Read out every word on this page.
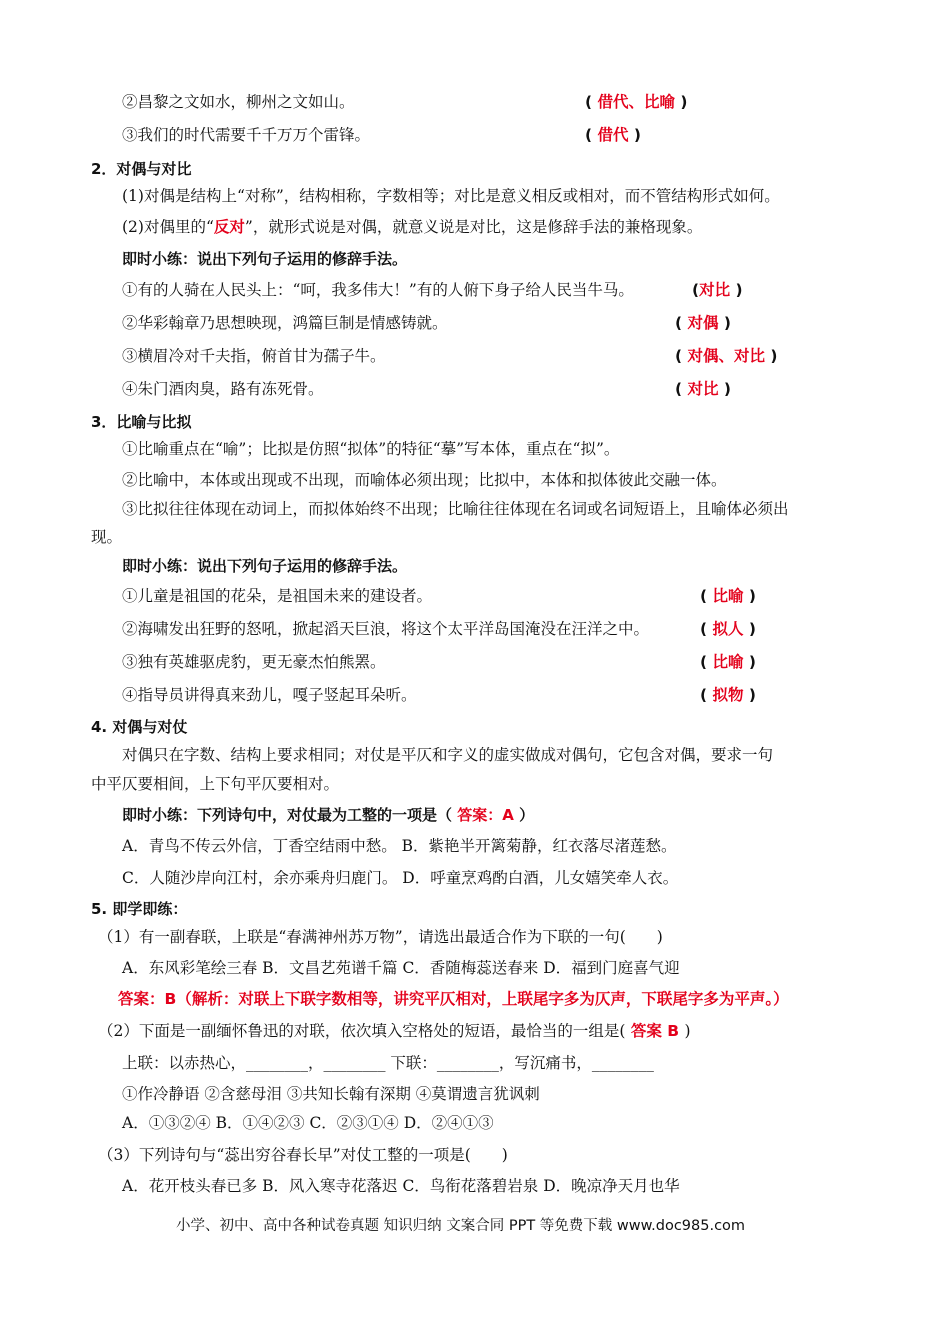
②昌黎之文如水，柳州之文如山。	( 借代、比喻 )
③我们的时代需要千千万万个雷锋。	( 借代 )
2．对偶与对比
(1)对偶是结构上“对称”，结构相称，字数相等；对比是意义相反或相对，而不管结构形式如何。
(2)对偶里的“反对”，就形式说是对偶，就意义说是对比，这是修辞手法的兼格现象。
即时小练：说出下列句子运用的修辞手法。
①有的人骑在人民头上：“呵，我多伟大！”有的人俯下身子给人民当牛马。	(对比 )
②华彩翰章乃思想映现，鸿篇巨制是情感铸就。	( 对偶 )
③横眉冷对千夫指，俯首甘为孺子牛。	( 对偶、对比 )
④朱门酒肉臭，路有冻死骨。	( 对比 )
3．比喻与比拟
①比喻重点在“喻”；比拟是仿照“拟体”的特征“摹”写本体，重点在“拟”。
②比喻中，本体或出现或不出现，而喻体必须出现；比拟中，本体和拟体彼此交融一体。
③比拟往往体现在动词上，而拟体始终不出现；比喻往往体现在名词或名词短语上，且喻体必须出
现。
即时小练：说出下列句子运用的修辞手法。
①儿童是祖国的花朵，是祖国未来的建设者。	( 比喻 )
②海啸发出狂野的怒吼，掀起滔天巨浪，将这个太平洋岛国淹没在汪洋之中。	( 拟人 )
③独有英雄驱虎豹，更无豪杰怕熊罴。	( 比喻 )
④指导员讲得真来劲儿，嘎子竖起耳朵听。	( 拟物 )
4. 对偶与对仗
对偶只在字数、结构上要求相同；对仗是平仄和字义的虚实做成对偶句，它包含对偶，要求一句
中平仄要相间，上下句平仄要相对。
即时小练：下列诗句中，对仗最为工整的一项是（ 答案：A ）
A．青鸟不传云外信，丁香空结雨中愁。 B．紫艳半开篱菊静，红衣落尽渚莲愁。
C．人随沙岸向江村，余亦乘舟归鹿门。 D．呼童烹鸡酌白酒，儿女嬉笑牵人衣。
5. 即学即练：
（1）有一副春联，上联是“春满神州苏万物”，请选出最适合作为下联的一句(　　)
A．东风彩笔绘三春 B．文昌艺苑谱千篇 C．香随梅蕊送春来 D．福到门庭喜气迎
答案：B（解析：对联上下联字数相等，讲究平仄相对，上联尾字多为仄声，下联尾字多为平声。）
（2）下面是一副缅怀鲁迅的对联，依次填入空格处的短语，最恰当的一组是( 答案 B )
上联：以赤热心，________，________ 下联：________，写沉痛书，________
①作冷静语 ②含慈母泪 ③共知长翰有深期 ④莫谓遗言犹讽刺
A．①③②④ B．①④②③ C．②③①④ D．②④①③
（3）下列诗句与“蕊出穷谷春长早”对仗工整的一项是(　　)
A．花开枝头春已多 B．风入寒寺花落迟 C．鸟衔花落碧岩泉 D．晚凉净天月也华
小学、初中、高中各种试卷真题 知识归纳 文案合同 PPT 等免费下载 www.doc985.com
